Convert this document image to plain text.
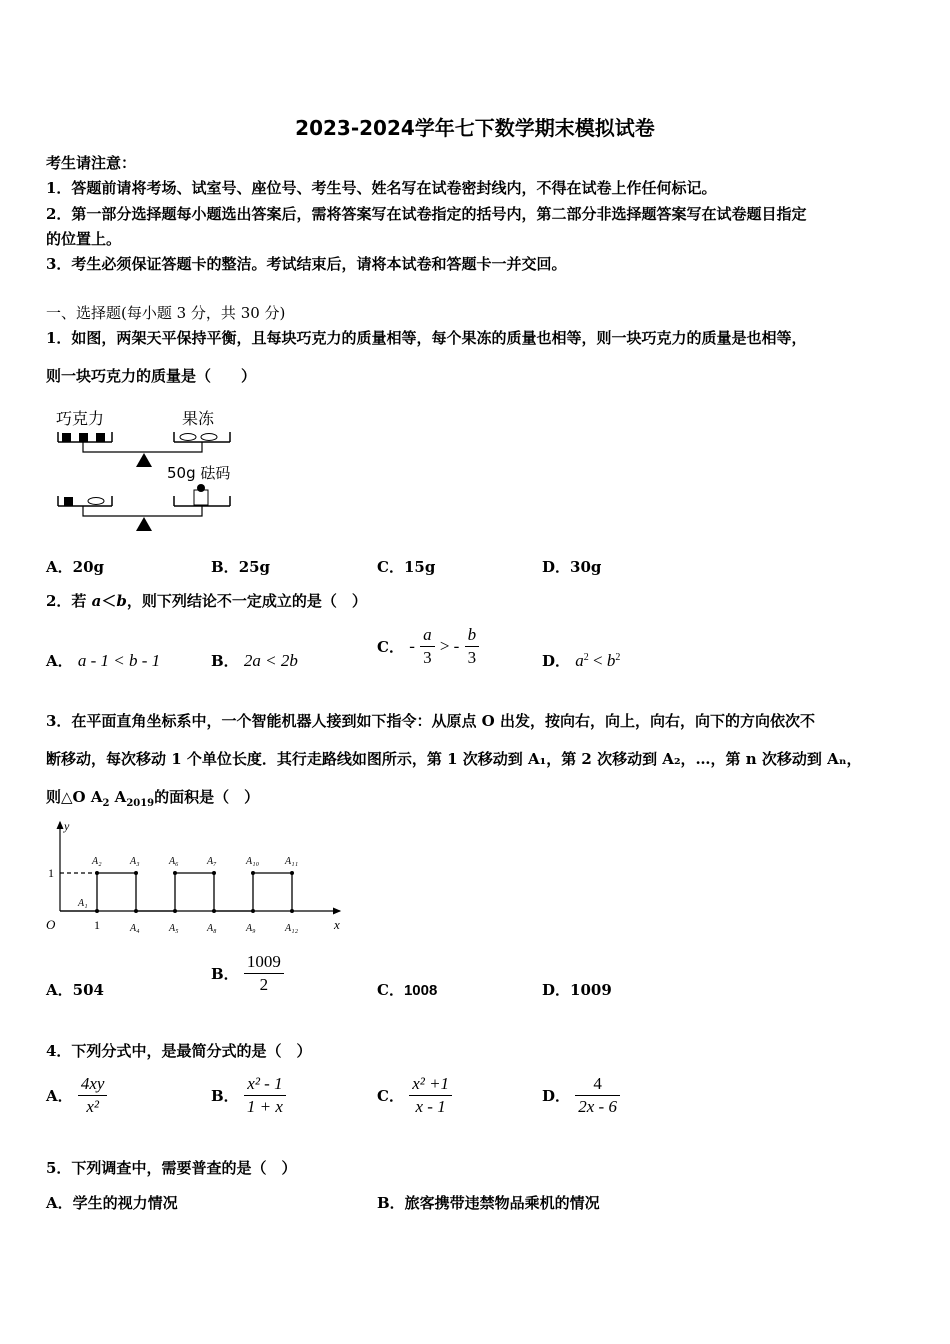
2023-2024学年七下数学期末模拟试卷
考生请注意：
1．答题前请将考场、试室号、座位号、考生号、姓名写在试卷密封线内，不得在试卷上作任何标记。
2．第一部分选择题每小题选出答案后，需将答案写在试卷指定的括号内，第二部分非选择题答案写在试卷题目指定
的位置上。
3．考生必须保证答题卡的整洁。考试结束后，请将本试卷和答题卡一并交回。
一、选择题(每小题 3 分，共 30 分)
1．如图，两架天平保持平衡，且每块巧克力的质量相等，每个果冻的质量也相等，则一块巧克力的质量是也相等，
则一块巧克力的质量是（　　）
巧克力	果冻
50g 砝码
A．20g	B．25g	C．15g	D．30g
2．若 a＜b，则下列结论不一定成立的是（　）
A． a - 1 < b - 1	B． 2a < 2b
C． - $\frac{a}{3}$ > - $\frac{b}{3}$	D． $a^2 < b^2$
3．在平面直角坐标系中，一个智能机器人接到如下指令：从原点 O 出发，按向右，向上，向右，向下的方向依次不
断移动，每次移动 1 个单位长度．其行走路线如图所示，第 1 次移动到 A₁，第 2 次移动到 A₂，…，第 n 次移动到 Aₙ，
则△O $A_2$ $A_{2019}$的面积是（　）
y
x
O
1
1
A₁
A₂	A₃	A₆	A₇	A₁₀	A₁₁
A₄	A₅	A₈	A₉	A₁₂
A．504
B． $\frac{1009}{2}$	C．1008	D．1009
4．下列分式中，是最简分式的是（　）
A． $\frac{4xy}{\text{x²}}$	B． $\frac{\text{x² - 1}}{1 + x}$	C． $\frac{\text{x² +1}}{x - 1}$	D． $\frac{4}{2x - 6}$
5．下列调查中，需要普查的是（　）
A．学生的视力情况	B．旅客携带违禁物品乘机的情况
